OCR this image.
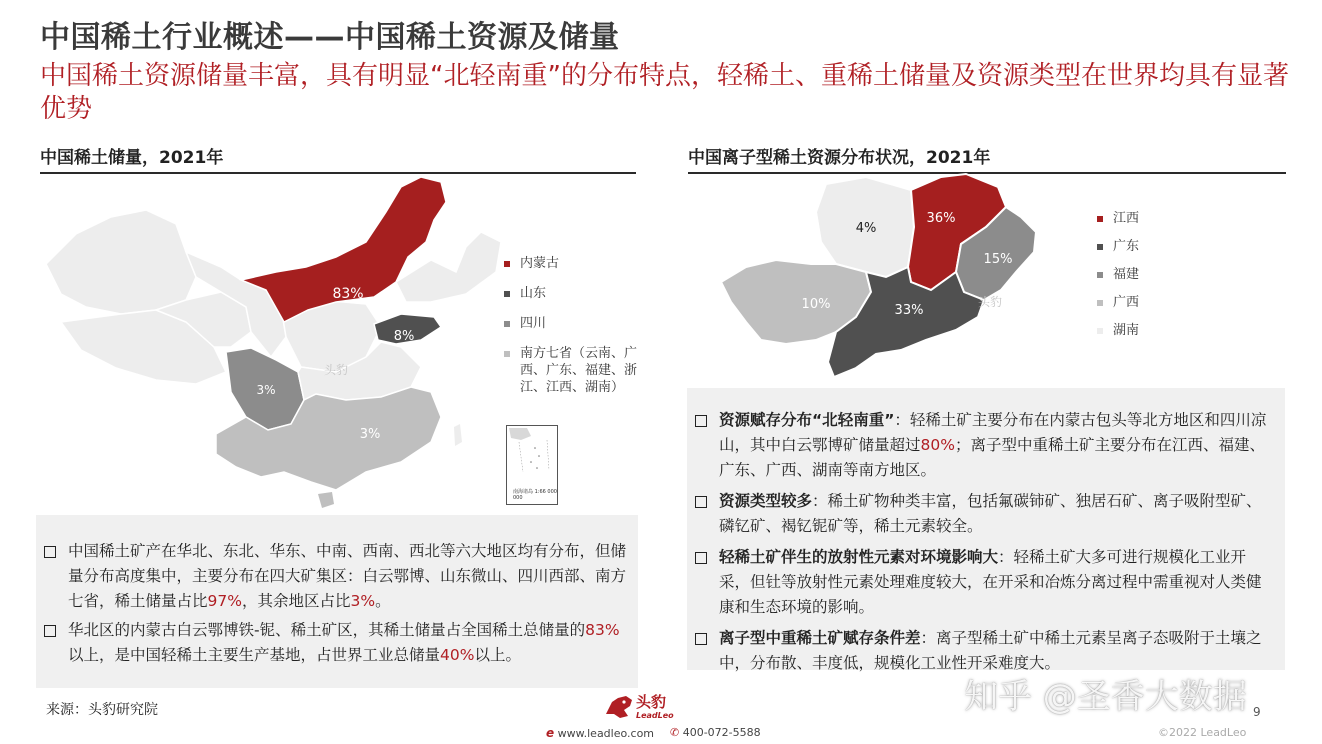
中国稀土行业概述——中国稀土资源及储量
中国稀土资源储量丰富，具有明显“北轻南重”的分布特点，轻稀土、重稀土储量及资源类型在世界均具有显著优势
中国稀土储量，2021年
83%
8%
3%
3%
头豹
内蒙古
山东
四川
南方七省（云南、广西、广东、福建、浙江、江西、湖南）
南海诸岛 1:66 000 000
中国稀土矿产在华北、东北、华东、中南、西南、西北等六大地区均有分布，但储量分布高度集中，主要分布在四大矿集区：白云鄂博、山东微山、四川西部、南方七省，稀土储量占比97%，其余地区占比3%。
华北区的内蒙古白云鄂博铁-铌、稀土矿区，其稀土储量占全国稀土总储量的83%以上，是中国轻稀土主要生产基地，占世界工业总储量40%以上。
中国离子型稀土资源分布状况，2021年
4%
36%
15%
10%	33%
头豹
江西
广东
福建
广西
湖南
资源赋存分布“北轻南重”：轻稀土矿主要分布在内蒙古包头等北方地区和四川凉山，其中白云鄂博矿储量超过80%；离子型中重稀土矿主要分布在江西、福建、广东、广西、湖南等南方地区。
资源类型较多：稀土矿物种类丰富，包括氟碳铈矿、独居石矿、离子吸附型矿、磷钇矿、褐钇铌矿等，稀土元素较全。
轻稀土矿伴生的放射性元素对环境影响大：轻稀土矿大多可进行规模化工业开采，但钍等放射性元素处理难度较大，在开采和冶炼分离过程中需重视对人类健康和生态环境的影响。
离子型中重稀土矿赋存条件差：离子型稀土矿中稀土元素呈离子态吸附于土壤之中，分布散、丰度低，规模化工业性开采难度大。
来源：头豹研究院	头豹
LeadLeo
e www.leadleo.com ✆ 400-072-5588	©2022 LeadLeo
9
知乎 @圣香大数据
